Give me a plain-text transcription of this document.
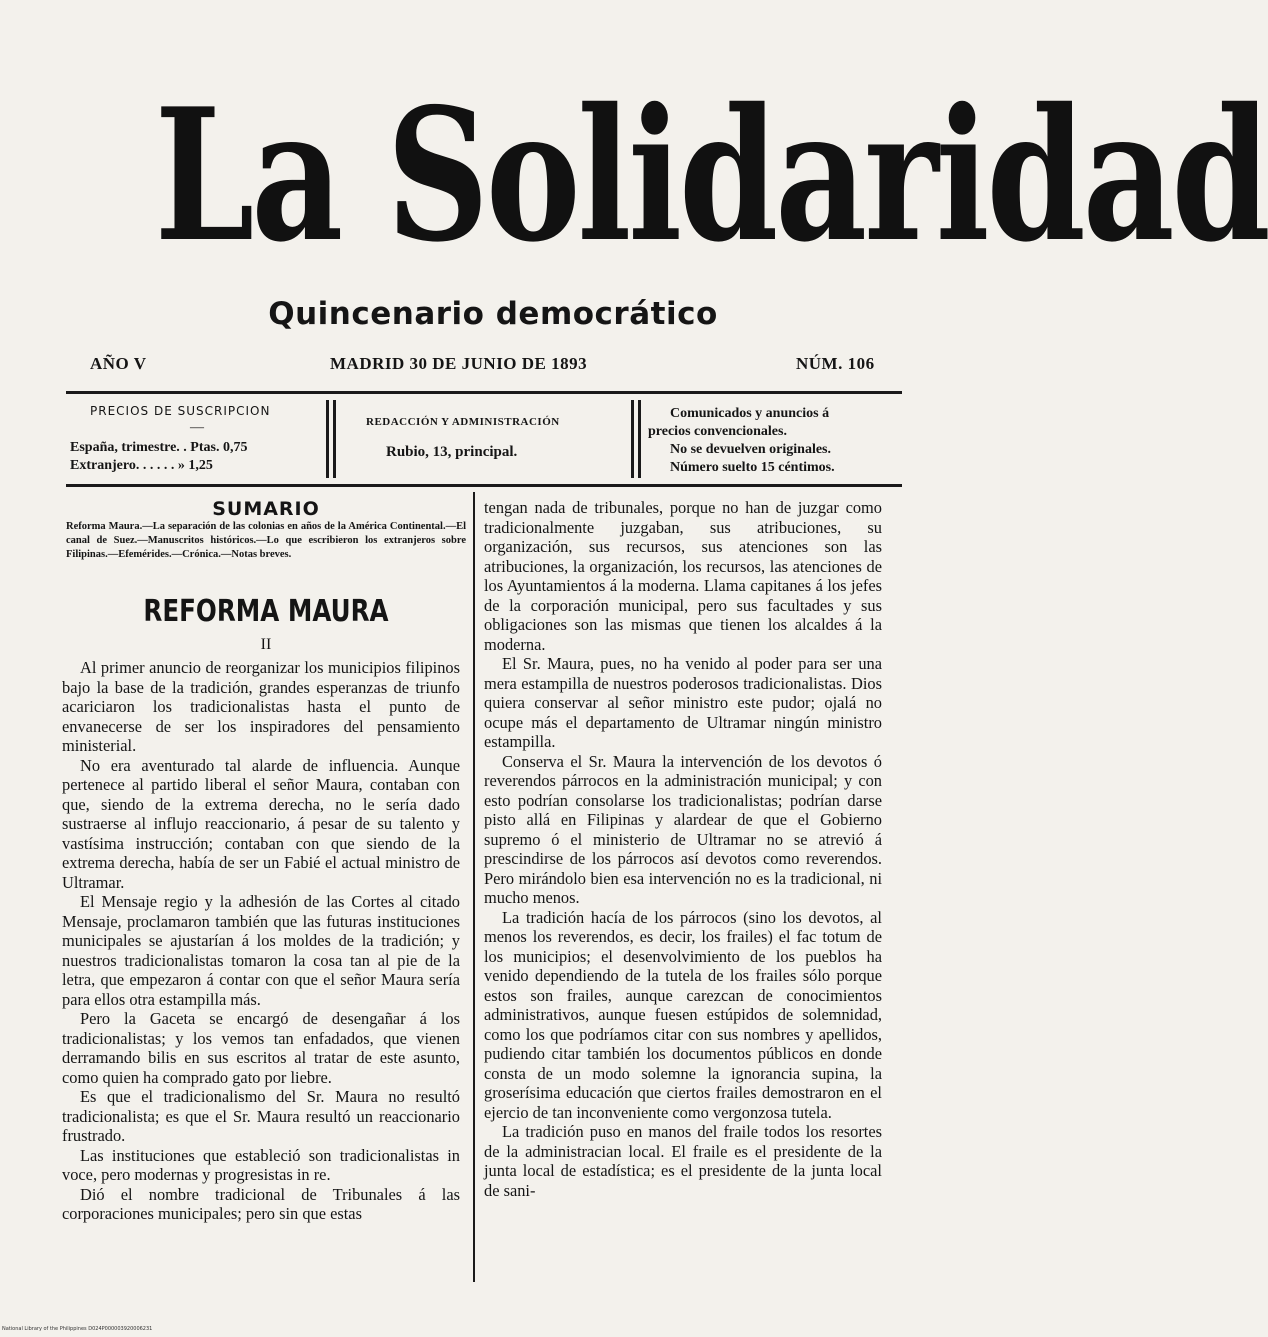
La Solidaridad
Quincenario democrático
AÑO V	MADRID 30 DE JUNIO DE 1893	NÚM. 106
PRECIOS DE SUSCRIPCION
—
España, trimestre. . Ptas. 0,75
Extranjero. . . . . . » 1,25
REDACCIÓN Y ADMINISTRACIÓN
Rubio, 13, principal.
Comunicados y anuncios á
precios convencionales.
No se devuelven originales.
Número suelto 15 céntimos.
SUMARIO
Reforma Maura.—La separación de las colonias en años de la América Continental.—El canal de Suez.—Manuscritos históricos.—Lo que escribieron los extranjeros sobre Filipinas.—Efemérides.—Crónica.—Notas breves.
REFORMA MAURA
II

Al primer anuncio de reorganizar los municipios filipinos bajo la base de la tradición, grandes esperanzas de triunfo acariciaron los tradicionalistas hasta el punto de envanecerse de ser los inspiradores del pensamiento ministerial.

No era aventurado tal alarde de influencia. Aunque pertenece al partido liberal el señor Maura, contaban con que, siendo de la extrema derecha, no le sería dado sustraerse al influjo reaccionario, á pesar de su talento y vastísima instrucción; contaban con que siendo de la extrema derecha, había de ser un Fabié el actual ministro de Ultramar.

El Mensaje regio y la adhesión de las Cortes al citado Mensaje, proclamaron también que las futuras instituciones municipales se ajustarían á los moldes de la tradición; y nuestros tradicionalistas tomaron la cosa tan al pie de la letra, que empezaron á contar con que el señor Maura sería para ellos otra estampilla más.

Pero la Gaceta se encargó de desengañar á los tradicionalistas; y los vemos tan enfadados, que vienen derramando bilis en sus escritos al tratar de este asunto, como quien ha comprado gato por liebre.

Es que el tradicionalismo del Sr. Maura no resultó tradicionalista; es que el Sr. Maura resultó un reaccionario frustrado.

Las instituciones que estableció son tradicionalistas in voce, pero modernas y progresistas in re.

Dió el nombre tradicional de Tribunales á las corporaciones municipales; pero sin que estas

tengan nada de tribunales, porque no han de juzgar como tradicionalmente juzgaban, sus atribuciones, su organización, sus recursos, sus atenciones son las atribuciones, la organización, los recursos, las atenciones de los Ayuntamientos á la moderna. Llama capitanes á los jefes de la corporación municipal, pero sus facultades y sus obligaciones son las mismas que tienen los alcaldes á la moderna.

El Sr. Maura, pues, no ha venido al poder para ser una mera estampilla de nuestros poderosos tradicionalistas. Dios quiera conservar al señor ministro este pudor; ojalá no ocupe más el departamento de Ultramar ningún ministro estampilla.

Conserva el Sr. Maura la intervención de los devotos ó reverendos párrocos en la administración municipal; y con esto podrían consolarse los tradicionalistas; podrían darse pisto allá en Filipinas y alardear de que el Gobierno supremo ó el ministerio de Ultramar no se atrevió á prescindirse de los párrocos así devotos como reverendos. Pero mirándolo bien esa intervención no es la tradicional, ni mucho menos.

La tradición hacía de los párrocos (sino los devotos, al menos los reverendos, es decir, los frailes) el fac totum de los municipios; el desenvolvimiento de los pueblos ha venido dependiendo de la tutela de los frailes sólo porque estos son frailes, aunque carezcan de conocimientos administrativos, aunque fuesen estúpidos de solemnidad, como los que podríamos citar con sus nombres y apellidos, pudiendo citar también los documentos públicos en donde consta de un modo solemne la ignorancia supina, la groserísima educación que ciertos frailes demostraron en el ejercio de tan inconveniente como vergonzosa tutela.

La tradición puso en manos del fraile todos los resortes de la administracian local. El fraile es el presidente de la junta local de estadística; es el presidente de la junta local de sani-

National Library of the Philippines D024P000003920006231
